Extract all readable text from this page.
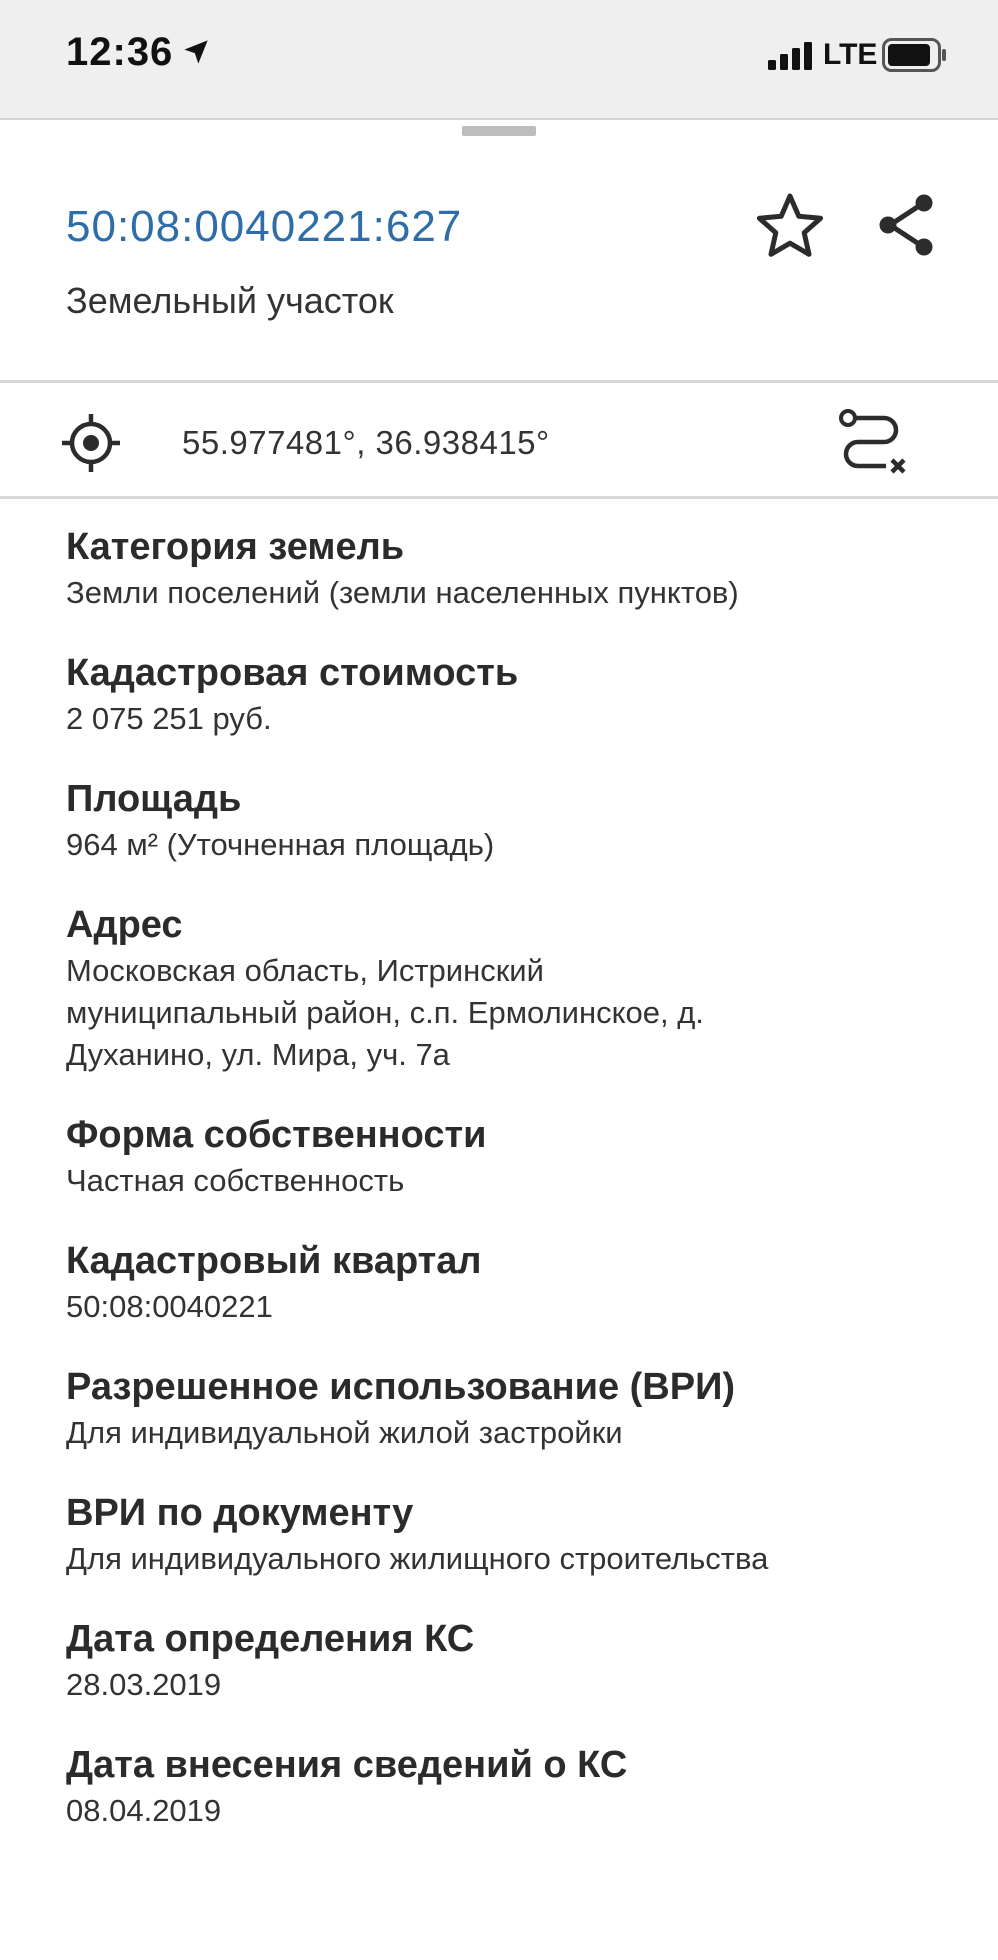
12:36	LTE
50:08:0040221:627
Земельный участок
55.977481°, 36.938415°
Категория земель
Земли поселений (земли населенных пунктов)
Кадастровая стоимость
2 075 251 руб.
Площадь
964 м² (Уточненная площадь)
Адрес
Московская область, Истринский
муниципальный район, с.п. Ермолинское, д.
Духанино, ул. Мира, уч. 7а
Форма собственности
Частная собственность
Кадастровый квартал
50:08:0040221
Разрешенное использование (ВРИ)
Для индивидуальной жилой застройки
ВРИ по документу
Для индивидуального жилищного строительства
Дата определения КС
28.03.2019
Дата внесения сведений о КС
08.04.2019
